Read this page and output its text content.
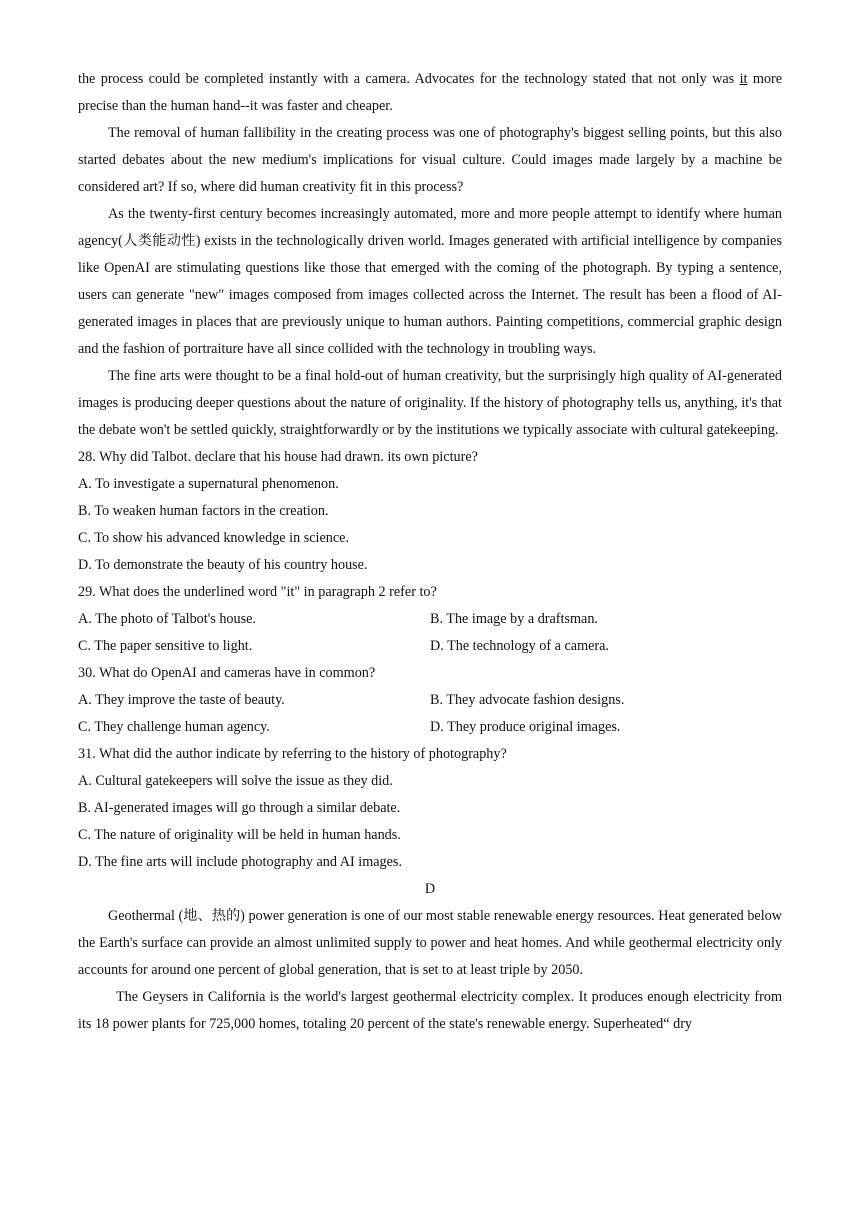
the process could be completed instantly with a camera. Advocates for the technology stated that not only was it more precise than the human hand--it was faster and cheaper.

The removal of human fallibility in the creating process was one of photography's biggest selling points, but this also started debates about the new medium's implications for visual culture. Could images made largely by a machine be considered art? If so, where did human creativity fit in this process?

As the twenty-first century becomes increasingly automated, more and more people attempt to identify where human agency(人类能动性) exists in the technologically driven world. Images generated with artificial intelligence by companies like OpenAI are stimulating questions like those that emerged with the coming of the photograph. By typing a sentence, users can generate "new" images composed from images collected across the Internet. The result has been a flood of AI-generated images in places that are previously unique to human authors. Painting competitions, commercial graphic design and the fashion of portraiture have all since collided with the technology in troubling ways.

The fine arts were thought to be a final hold-out of human creativity, but the surprisingly high quality of AI-generated images is producing deeper questions about the nature of originality. If the history of photography tells us, anything, it's that the debate won't be settled quickly, straightforwardly or by the institutions we typically associate with cultural gatekeeping.

28. Why did Talbot. declare that his house had drawn. its own picture?

A. To investigate a supernatural phenomenon.

B. To weaken human factors in the creation.

C. To show his advanced knowledge in science.

D. To demonstrate the beauty of his country house.

29. What does the underlined word "it" in paragraph 2 refer to?

A. The photo of Talbot's house.	B. The image by a draftsman.

C. The paper sensitive to light.	D. The technology of a camera.

30. What do OpenAI and cameras have in common?

A. They improve the taste of beauty.	B. They advocate fashion designs.

C. They challenge human agency.	D. They produce original images.

31. What did the author indicate by referring to the history of photography?

A. Cultural gatekeepers will solve the issue as they did.

B. AI-generated images will go through a similar debate.

C. The nature of originality will be held in human hands.

D. The fine arts will include photography and AI images.

D

Geothermal (地、热的) power generation is one of our most stable renewable energy resources. Heat generated below the Earth's surface can provide an almost unlimited supply to power and heat homes. And while geothermal electricity only accounts for around one percent of global generation, that is set to at least triple by 2050.

The Geysers in California is the world's largest geothermal electricity complex. It produces enough electricity from its 18 power plants for 725,000 homes, totaling 20 percent of the state's renewable energy. Superheated“ dry
